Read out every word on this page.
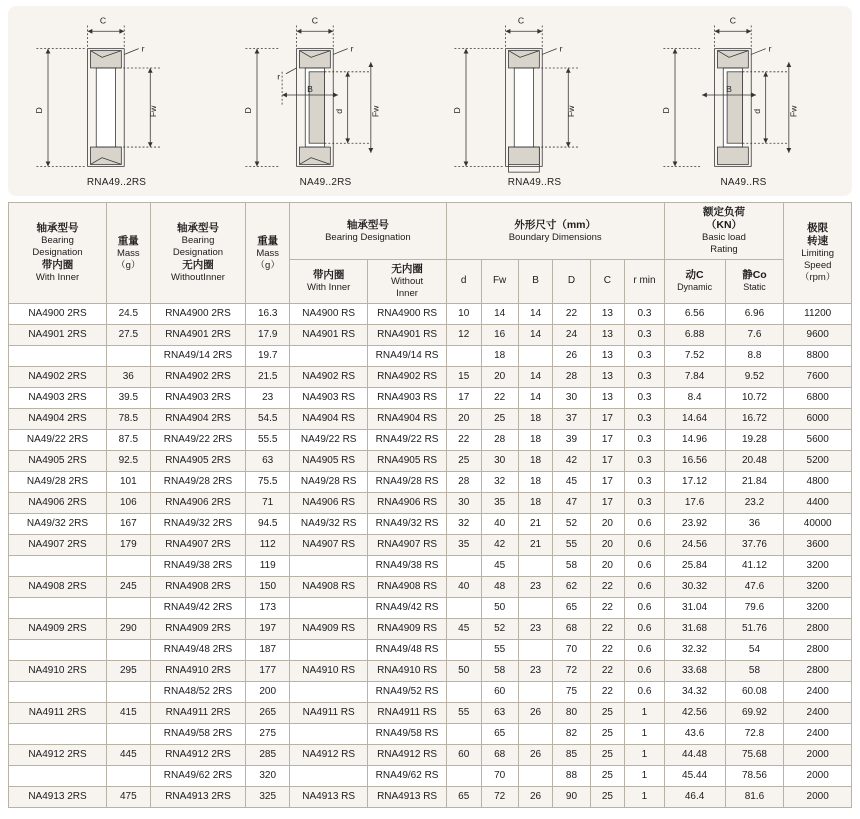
C
r
D	Fw
RNA49..2RS
C
r
r
B
D	d	Fw
NA49..2RS
C
r
D	Fw
RNA49..RS
C
r
B
D	d	Fw
NA49..RS
轴承型号
Bearing
Designation
带内圈
With Inner	重量
Mass
（g）	轴承型号
Bearing
Designation
无内圈
WithoutInner	重量
Mass
（g）	轴承型号
Bearing Designation		外形尺寸（mm）
Boundary Dimensions						额定负荷
（KN）
Basic load
Rating		极限
转速
Limiting
Speed
（rpm）

												动C
Dynamic	静Co
Static	

				带内圈
With Inner	无内圈
Without
Inner	d	Fw	B	D	C	r min			
NA4900 2RS	24.5	RNA4900 2RS	16.3	NA4900 RS	RNA4900 RS	10	14	14	22	13	0.3	6.56	6.96	11200
NA4901 2RS	27.5	RNA4901 2RS	17.9	NA4901 RS	RNA4901 RS	12	16	14	24	13	0.3	6.88	7.6	9600
		RNA49/14 2RS	19.7		RNA49/14 RS		18		26	13	0.3	7.52	8.8	8800
NA4902 2RS	36	RNA4902 2RS	21.5	NA4902 RS	RNA4902 RS	15	20	14	28	13	0.3	7.84	9.52	7600
NA4903 2RS	39.5	RNA4903 2RS	23	NA4903 RS	RNA4903 RS	17	22	14	30	13	0.3	8.4	10.72	6800
NA4904 2RS	78.5	RNA4904 2RS	54.5	NA4904 RS	RNA4904 RS	20	25	18	37	17	0.3	14.64	16.72	6000
NA49/22 2RS	87.5	RNA49/22 2RS	55.5	NA49/22 RS	RNA49/22 RS	22	28	18	39	17	0.3	14.96	19.28	5600
NA4905 2RS	92.5	RNA4905 2RS	63	NA4905 RS	RNA4905 RS	25	30	18	42	17	0.3	16.56	20.48	5200
NA49/28 2RS	101	RNA49/28 2RS	75.5	NA49/28 RS	RNA49/28 RS	28	32	18	45	17	0.3	17.12	21.84	4800
NA4906 2RS	106	RNA4906 2RS	71	NA4906 RS	RNA4906 RS	30	35	18	47	17	0.3	17.6	23.2	4400
NA49/32 2RS	167	RNA49/32 2RS	94.5	NA49/32 RS	RNA49/32 RS	32	40	21	52	20	0.6	23.92	36	40000
NA4907 2RS	179	RNA4907 2RS	112	NA4907 RS	RNA4907 RS	35	42	21	55	20	0.6	24.56	37.76	3600
		RNA49/38 2RS	119		RNA49/38 RS		45		58	20	0.6	25.84	41.12	3200
NA4908 2RS	245	RNA4908 2RS	150	NA4908 RS	RNA4908 RS	40	48	23	62	22	0.6	30.32	47.6	3200
		RNA49/42 2RS	173		RNA49/42 RS		50		65	22	0.6	31.04	79.6	3200
NA4909 2RS	290	RNA4909 2RS	197	NA4909 RS	RNA4909 RS	45	52	23	68	22	0.6	31.68	51.76	2800
		RNA49/48 2RS	187		RNA49/48 RS		55		70	22	0.6	32.32	54	2800
NA4910 2RS	295	RNA4910 2RS	177	NA4910 RS	RNA4910 RS	50	58	23	72	22	0.6	33.68	58	2800
		RNA48/52 2RS	200		RNA49/52 RS		60		75	22	0.6	34.32	60.08	2400
NA4911 2RS	415	RNA4911 2RS	265	NA4911 RS	RNA4911 RS	55	63	26	80	25	1	42.56	69.92	2400
		RNA49/58 2RS	275		RNA49/58 RS		65		82	25	1	43.6	72.8	2400
NA4912 2RS	445	RNA4912 2RS	285	NA4912 RS	RNA4912 RS	60	68	26	85	25	1	44.48	75.68	2000
		RNA49/62 2RS	320		RNA49/62 RS		70		88	25	1	45.44	78.56	2000
NA4913 2RS	475	RNA4913 2RS	325	NA4913 RS	RNA4913 RS	65	72	26	90	25	1	46.4	81.6	2000
